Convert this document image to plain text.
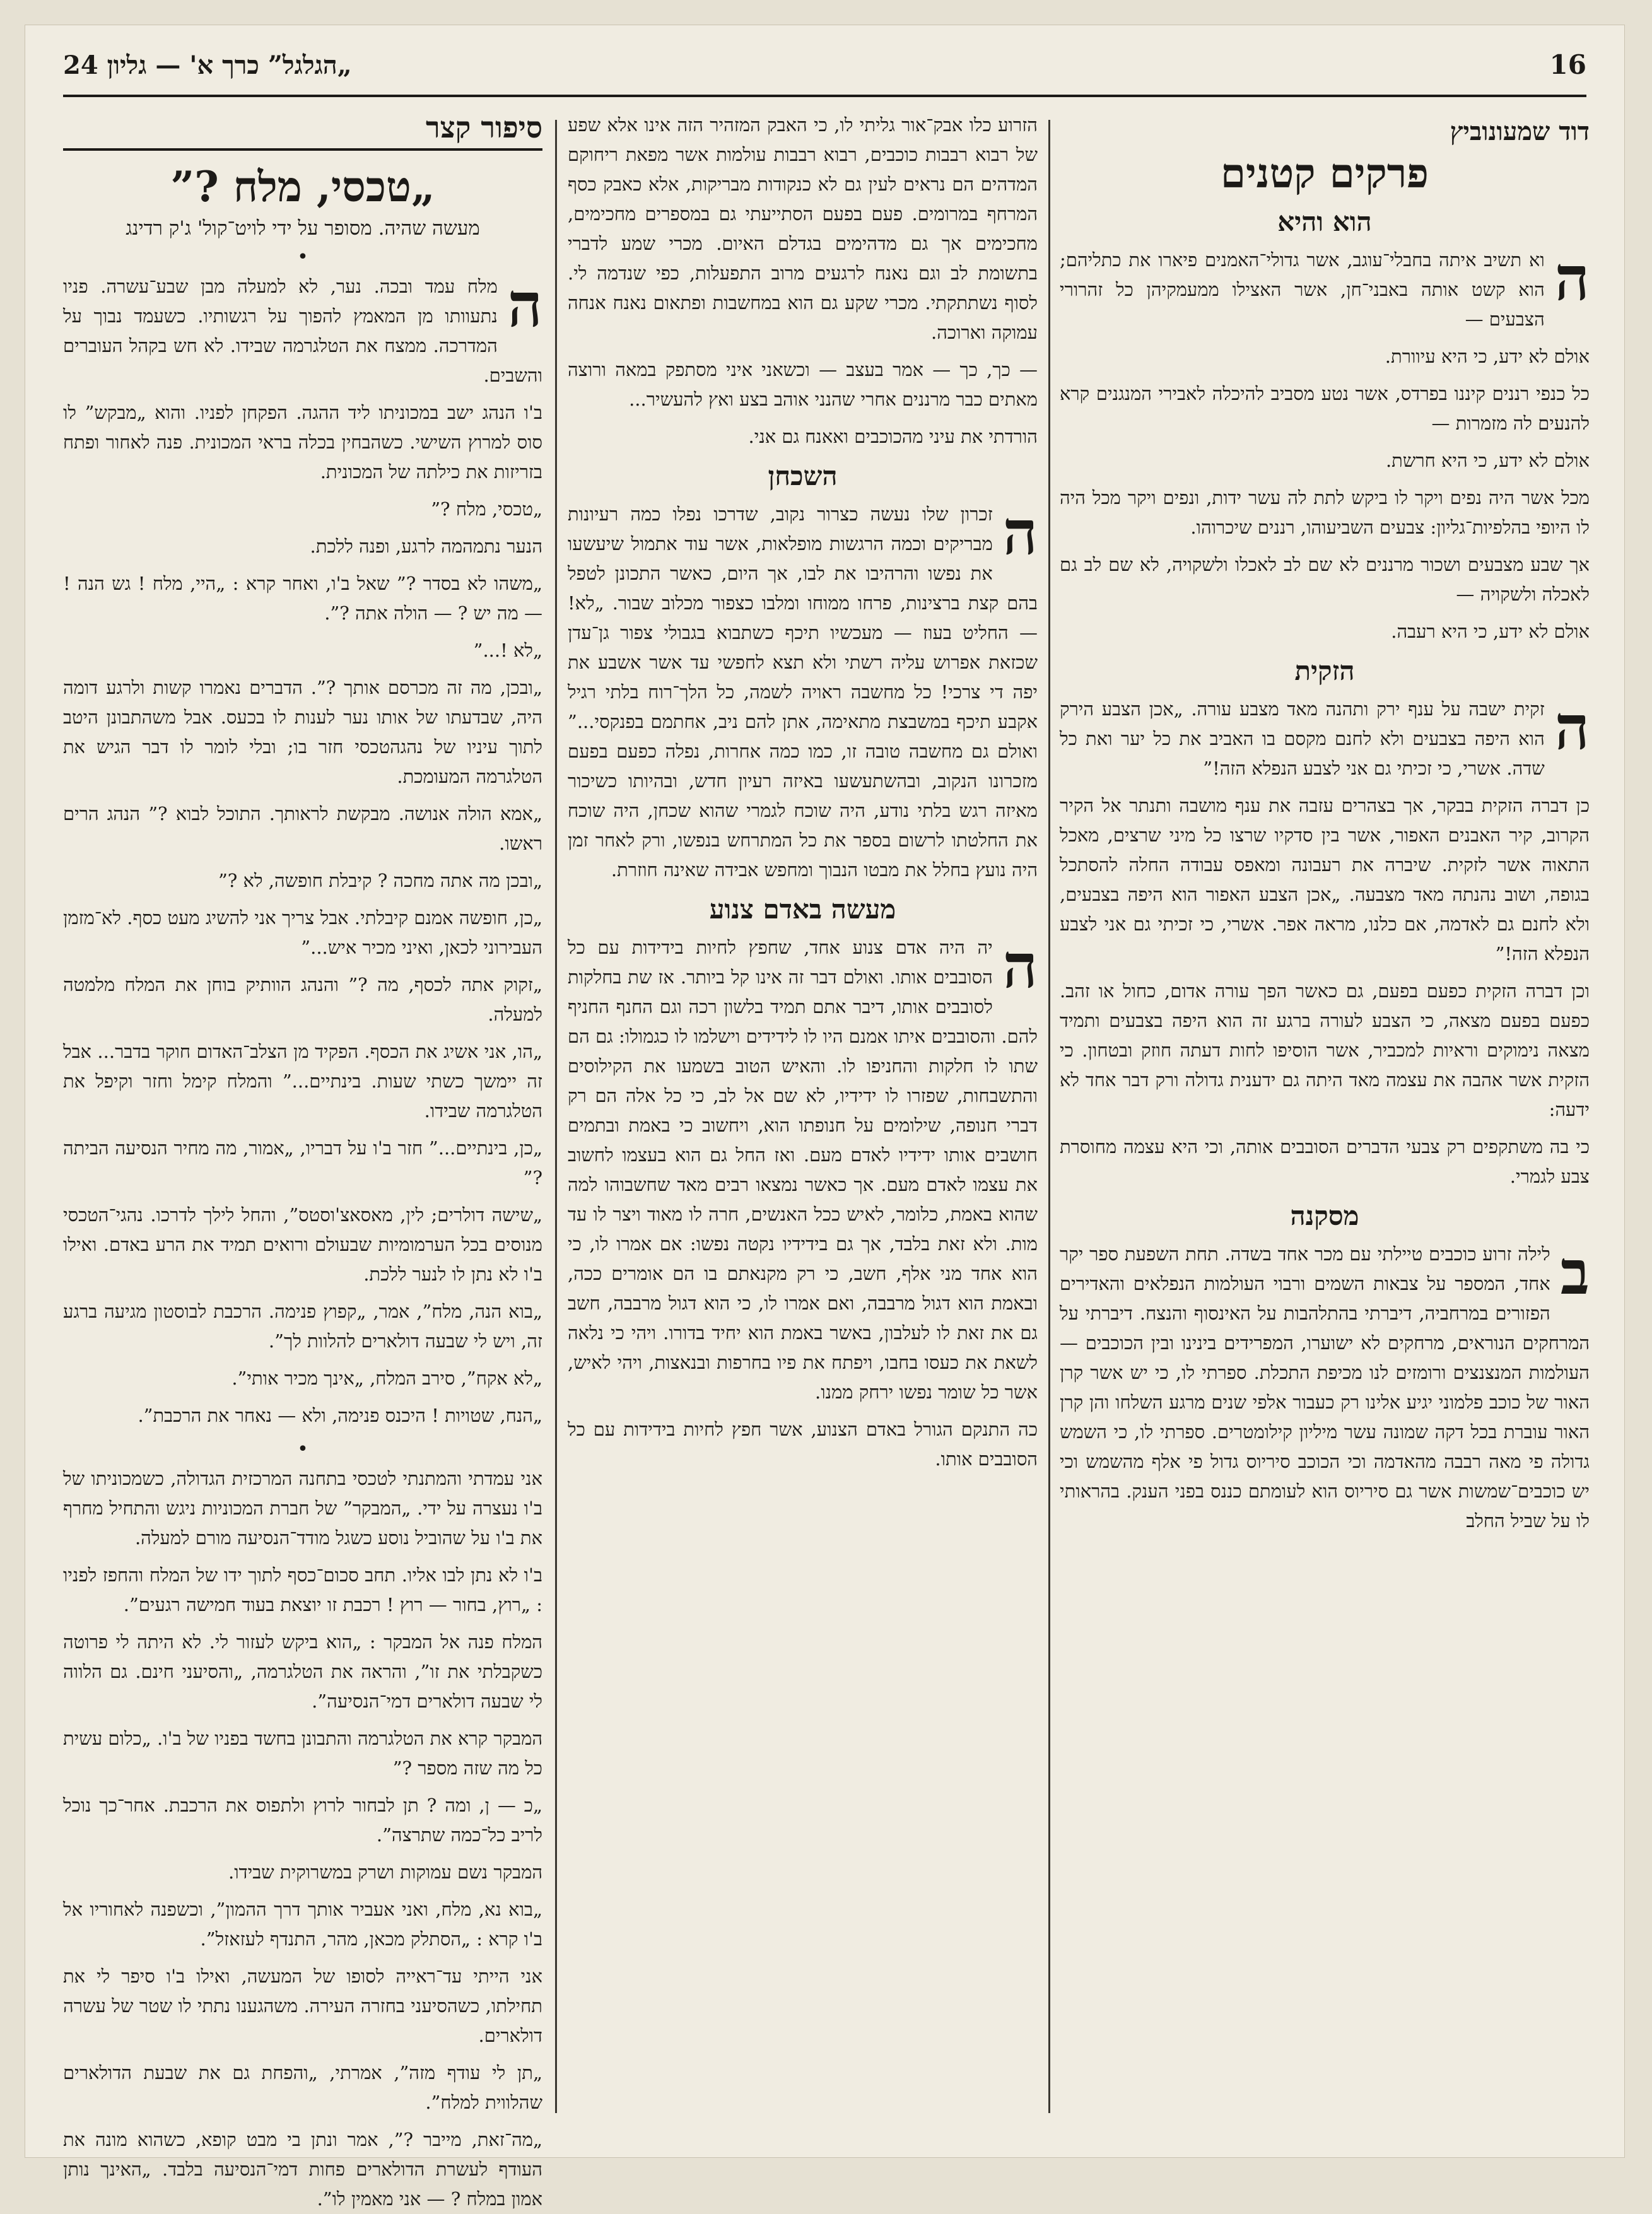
„הגלגל” כרך א' — גליון 24	16
דוד שמעונוביץ
פרקים קטנים
הוא והיא
ה

וא תשיב איתה בחבלי־עוגב, אשר גדולי־האמנים פיארו את כתליהם; הוא קשט אותה באבני־חן, אשר האצילו ממעמקיהן כל זהרורי הצבעים —

אולם לא ידע, כי היא עיוורת.

כל כנפי רננים קיננו בפרדס, אשר נטע מסביב להיכלה לאבירי המנגנים קרא להנעים לה מזמרות —

אולם לא ידע, כי היא חרשת.

מכל אשר היה נפים ויקר לו ביקש לתת לה עשר ידות, ונפים ויקר מכל היה לו היופי בהלפיות־גליון: צבעים השביעוהו, רננים שיכרוהו.

אך שבע מצבעים ושכור מרננים לא שם לב לאכלו ולשקויה, לא שם לב גם לאכלה ולשקויה —

אולם לא ידע, כי היא רעבה.

הזקית
ה

זקית ישבה על ענף ירק ותהנה מאד מצבע עורה. „אכן הצבע הירק הוא היפה בצבעים ולא לחנם מקסם בו האביב את כל יער ואת כל שדה. אשרי, כי זכיתי גם אני לצבע הנפלא הזה!”

כן דברה הזקית בבקר, אך בצהרים עזבה את ענף מושבה ותנתר אל הקיר הקרוב, קיר האבנים האפור, אשר בין סדקיו שרצו כל מיני שרצים, מאכל התאוה אשר לזקית. שיברה את רעבונה ומאפס עבודה החלה להסתכל בגופה, ושוב נהנתה מאד מצבעה. „אכן הצבע האפור הוא היפה בצבעים, ולא לחנם גם לאדמה, אם כלנו, מראה אפר. אשרי, כי זכיתי גם אני לצבע הנפלא הזה!”

וכן דברה הזקית כפעם בפעם, גם כאשר הפך עורה אדום, כחול או זהב. כפעם בפעם מצאה, כי הצבע לעורה ברגע זה הוא היפה בצבעים ותמיד מצאה נימוקים וראיות למכביר, אשר הוסיפו לחות דעתה חוזק ובטחון. כי הזקית אשר אהבה את עצמה מאד היתה גם ידענית גדולה ורק דבר אחד לא ידעה:

כי בה משתקפים רק צבעי הדברים הסובבים אותה, וכי היא עצמה מחוסרת צבע לגמרי.

מסקנה
ב

לילה זרוע כוכבים טיילתי עם מכר אחד בשדה. תחת השפעת ספר יקר אחד, המספר על צבאות השמים ורבוי העולמות הנפלאים והאדירים הפזורים במרחביה, דיברתי בהתלהבות על האינסוף והנצח. דיברתי על המרחקים הנוראים, מרחקים לא ישוערו, המפרידים בינינו ובין הכוכבים — העולמות המנצנצים ורומזים לנו מכיפת התכלת. ספרתי לו, כי יש אשר קרן האור של כוכב פלמוני יגיע אלינו רק כעבור אלפי שנים מרגע השלחו והן קרן האור עוברת בכל דקה שמונה עשר מיליון קילומטרים. ספרתי לו, כי השמש גדולה פי מאה רבבה מהאדמה וכי הכוכב סיריוס גדול פי אלף מהשמש וכי יש כוכבים־שמשות אשר גם סיריוס הוא לעומתם כננס בפני הענק. בהראותי לו על שביל החלב

הזרוע כלו אבק־אור גליתי לו, כי האבק המזהיר הזה אינו אלא שפע של רבוא רבבות כוכבים, רבוא רבבות עולמות אשר מפאת ריחוקם המדהים הם נראים לעין גם לא כנקודות מבריקות, אלא כאבק כסף המרחף במרומים. פעם בפעם הסתייעתי גם במספרים מחכימים, מחכימים אך גם מדהימים בגדלם האיום. מכרי שמע לדברי בתשומת לב וגם נאנח לרגעים מרוב התפעלות, כפי שנדמה לי. לסוף נשתתקתי. מכרי שקע גם הוא במחשבות ופתאום נאנח אנחה עמוקה וארוכה.

— כך, כך — אמר בעצב — וכשאני איני מסתפק במאה ורוצה מאתים כבר מרננים אחרי שהנני אוהב בצע ואץ להעשיר...

הורדתי את עיני מהכוכבים ואאנח גם אני.

השכחן
ה

זכרון שלו נעשה כצרור נקוב, שדרכו נפלו כמה רעיונות מבריקים וכמה הרגשות מופלאות, אשר עוד אתמול שיעשעו את נפשו והרהיבו את לבו, אך היום, כאשר התכונן לטפל בהם קצת ברצינות, פרחו ממוחו ומלבו כצפור מכלוב שבור. „לא! — החליט בעוז — מעכשיו תיכף כשתבוא בגבולי צפור גן־עדן שכזאת אפרוש עליה רשתי ולא תצא לחפשי עד אשר אשבע את יפה די צרכי! כל מחשבה ראויה לשמה, כל הלך־רוח בלתי רגיל אקבע תיכף במשבצת מתאימה, אתן להם ניב, אחתמם בפנקסי...” ואולם גם מחשבה טובה זו, כמו כמה אחרות, נפלה כפעם בפעם מזכרונו הנקוב, ובהשתעשעו באיזה רעיון חדש, ובהיותו כשיכור מאיזה רגש בלתי נודע, היה שוכח לגמרי שהוא שכחן, היה שוכח את החלטתו לרשום בספר את כל המתרחש בנפשו, ורק לאחר זמן היה נועץ בחלל את מבטו הנבוך ומחפש אבידה שאינה חוזרת.

מעשה באדם צנוע
ה

יה היה אדם צנוע אחד, שחפץ לחיות בידידות עם כל הסובבים אותו. ואולם דבר זה אינו קל ביותר. אז שת בחלקות לסובבים אותו, דיבר אתם תמיד בלשון רכה וגם החנף החניף להם. והסובבים איתו אמנם היו לו לידידים וישלמו לו כגמולו: גם הם שתו לו חלקות והחניפו לו. והאיש הטוב בשמעו את הקילוסים והתשבחות, שפזרו לו ידידיו, לא שם אל לב, כי כל אלה הם רק דברי חנופה, שילומים על חנופתו הוא, ויחשוב כי באמת ובתמים חושבים אותו ידידיו לאדם מעם. ואז החל גם הוא בעצמו לחשוב את עצמו לאדם מעם. אך כאשר נמצאו רבים מאד שחשבוהו למה שהוא באמת, כלומר, לאיש ככל האנשים, חרה לו מאוד ויצר לו עד מות. ולא זאת בלבד, אך גם בידידיו נקטה נפשו: אם אמרו לו, כי הוא אחד מני אלף, חשב, כי רק מקנאתם בו הם אומרים ככה, ובאמת הוא דגול מרבבה, ואם אמרו לו, כי הוא דגול מרבבה, חשב גם את זאת לו לעלבון, באשר באמת הוא יחיד בדורו. ויהי כי נלאה לשאת את כעסו בחבו, ויפתח את פיו בחרפות ובנאצות, ויהי לאיש, אשר כל שומר נפשו ירחק ממנו.

כה התנקם הגורל באדם הצנוע, אשר חפץ לחיות בידידות עם כל הסובבים אותו.

סיפור קצר
„טכסי, מלח ?”
מעשה שהיה. מסופר על ידי לויט־קול' ג'ק רדינג
•
ה

מלח עמד ובכה. נער, לא למעלה מבן שבע־עשרה. פניו נתעוותו מן המאמץ להפוך על רגשותיו. כשעמד נבוך על המדרכה. ממצח את הטלגרמה שבידו. לא חש בקהל העוברים והשבים.

ב'ו הנהג ישב במכוניתו ליד ההגה. הפקחן לפניו. והוא „מבקש” לו סוס למרוץ השישי. כשהבחין בכלה בראי המכונית. פנה לאחור ופתח בזריזות את כילתה של המכונית.

„טכסי, מלח ?”

הנער נתמהמה לרגע, ופנה ללכת.

„משהו לא בסדר ?” שאל ב'ו, ואחר קרא : „היי, מלח ! גש הנה ! — מה יש ? — הולה אתה ?”.

„לא !...”

„ובכן, מה זה מכרסם אותך ?”. הדברים נאמרו קשות ולרגע דומה היה, שבדעתו של אותו נער לענות לו בכעס. אבל משהתבונן היטב לתוך עיניו של נהגהטכסי חזר בו; ובלי לומר לו דבר הגיש את הטלגרמה המעומכת.

„אמא הולה אנושה. מבקשת לראותך. התוכל לבוא ?” הנהג הרים ראשו.

„ובכן מה אתה מחכה ? קיבלת חופשה, לא ?”

„כן, חופשה אמנם קיבלתי. אבל צריך אני להשיג מעט כסף. לא־מזמן העבירוני לכאן, ואיני מכיר איש...”

„זקוק אתה לכסף, מה ?” והנהג הוותיק בוחן את המלח מלמטה למעלה.

„הו, אני אשיג את הכסף. הפקיד מן הצלב־האדום חוקר בדבר... אבל זה יימשך כשתי שעות. בינתיים...” והמלח קימל וחזר וקיפל את הטלגרמה שבידו.

„כן, בינתיים...” חזר ב'ו על דבריו, „אמור, מה מחיר הנסיעה הביתה ?”

„שישה דולרים; לין, מאסאצ'וסטס”, והחל לילך לדרכו. נהגי־הטכסי מנוסים בכל הערמומיות שבעולם ורואים תמיד את הרע באדם. ואילו ב'ו לא נתן לו לנער ללכת.

„בוא הנה, מלח”, אמר, „קפוץ פנימה. הרכבת לבוסטון מגיעה ברגע זה, ויש לי שבעה דולארים להלוות לך”.

„לא אקח”, סירב המלח, „אינך מכיר אותי”.

„הנח, שטויות ! היכנס פנימה, ולא — נאחר את הרכבת”.

•

אני עמדתי והמתנתי לטכסי בתחנה המרכזית הגדולה, כשמכוניתו של ב'ו נעצרה על ידי. „המבקר” של חברת המכוניות ניגש והתחיל מחרף את ב'ו על שהוביל נוסע כשגל מודד־הנסיעה מורם למעלה.

ב'ו לא נתן לבו אליו. תחב סכום־כסף לתוך ידו של המלח והחפז לפניו : „רוץ, בחור — רוץ ! רכבת זו יוצאת בעוד חמישה רגעים”.

המלח פנה אל המבקר : „הוא ביקש לעזור לי. לא היתה לי פרוטה כשקבלתי את זו”, והראה את הטלגרמה, „והסיעני חינם. גם הלווה לי שבעה דולארים דמי־הנסיעה”.

המבקר קרא את הטלגרמה והתבונן בחשד בפניו של ב'ו. „כלום עשית כל מה שזה מספר ?”

„כ — ן, ומה ? תן לבחור לרוץ ולתפוס את הרכבת. אחר־כך נוכל לריב כל־כמה שתרצה”.

המבקר נשם עמוקות ושרק במשרוקית שבידו.

„בוא נא, מלח, ואני אעביר אותך דרך ההמון”, וכשפנה לאחוריו אל ב'ו קרא : „הסתלק מכאן, מהר, התנדף לעזאזל”.

אני הייתי עד־ראייה לסופו של המעשה, ואילו ב'ו סיפר לי את תחילתו, כשהסיעני בחזרה העירה. משהגענו נתתי לו שטר של עשרה דולארים.

„תן לי עודף מזה”, אמרתי, „והפחת גם את שבעת הדולארים שהלווית למלח”.

„מה־זאת, מייבר ?”, אמר ונתן בי מבט קופא, כשהוא מונה את העודף לעשרת הדולארים פחות דמי־הנסיעה בלבד. „האינך נותן אמון במלח ? — אני מאמין לו”.
